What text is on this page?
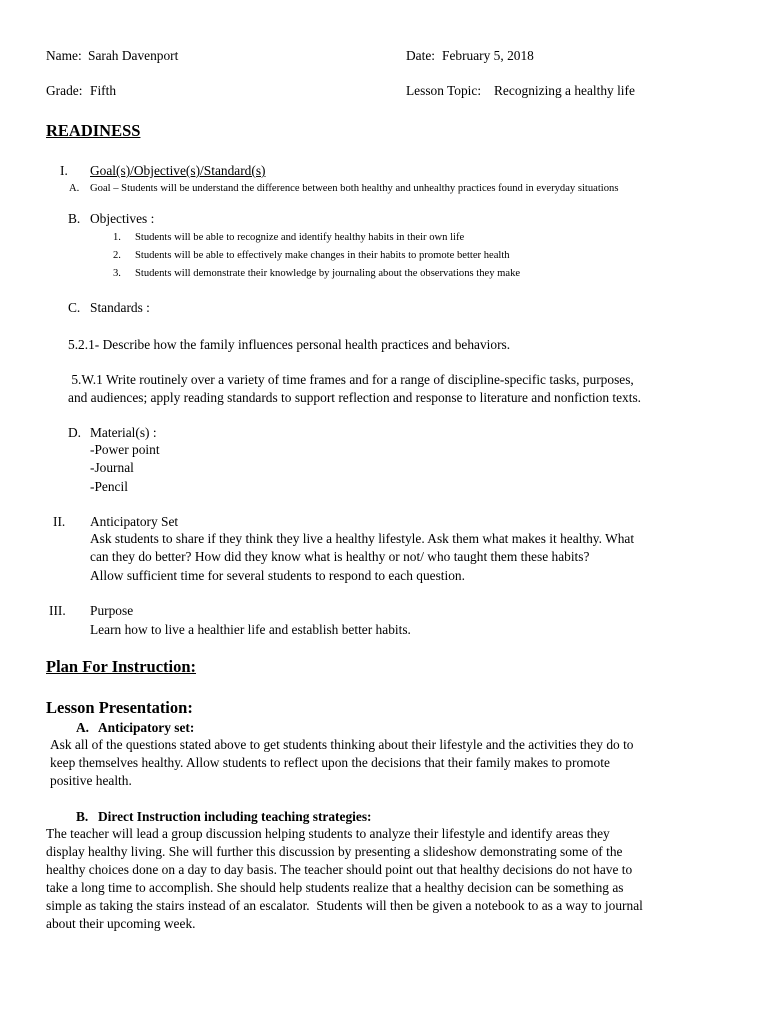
Name: Sarah Davenport	Date: February 5, 2018
Grade: Fifth	Lesson Topic: Recognizing a healthy life
READINESS
I. Goal(s)/Objective(s)/Standard(s)
A. Goal – Students will be understand the difference between both healthy and unhealthy practices found in everyday situations
B. Objectives :
1. Students will be able to recognize and identify healthy habits in their own life
2. Students will be able to effectively make changes in their habits to promote better health
3. Students will demonstrate their knowledge by journaling about the observations they make
C. Standards :
5.2.1- Describe how the family influences personal health practices and behaviors.
5.W.1 Write routinely over a variety of time frames and for a range of discipline-specific tasks, purposes,
and audiences; apply reading standards to support reflection and response to literature and nonfiction texts.
D. Material(s) :
-Power point
-Journal
-Pencil
II. Anticipatory Set
Ask students to share if they think they live a healthy lifestyle. Ask them what makes it healthy. What
can they do better? How did they know what is healthy or not/ who taught them these habits?
Allow sufficient time for several students to respond to each question.
III. Purpose
Learn how to live a healthier life and establish better habits.
Plan For Instruction:
Lesson Presentation:
A. Anticipatory set:
Ask all of the questions stated above to get students thinking about their lifestyle and the activities they do to
keep themselves healthy. Allow students to reflect upon the decisions that their family makes to promote
positive health.
B. Direct Instruction including teaching strategies:
The teacher will lead a group discussion helping students to analyze their lifestyle and identify areas they
display healthy living. She will further this discussion by presenting a slideshow demonstrating some of the
healthy choices done on a day to day basis. The teacher should point out that healthy decisions do not have to
take a long time to accomplish. She should help students realize that a healthy decision can be something as
simple as taking the stairs instead of an escalator.  Students will then be given a notebook to as a way to journal
about their upcoming week.
